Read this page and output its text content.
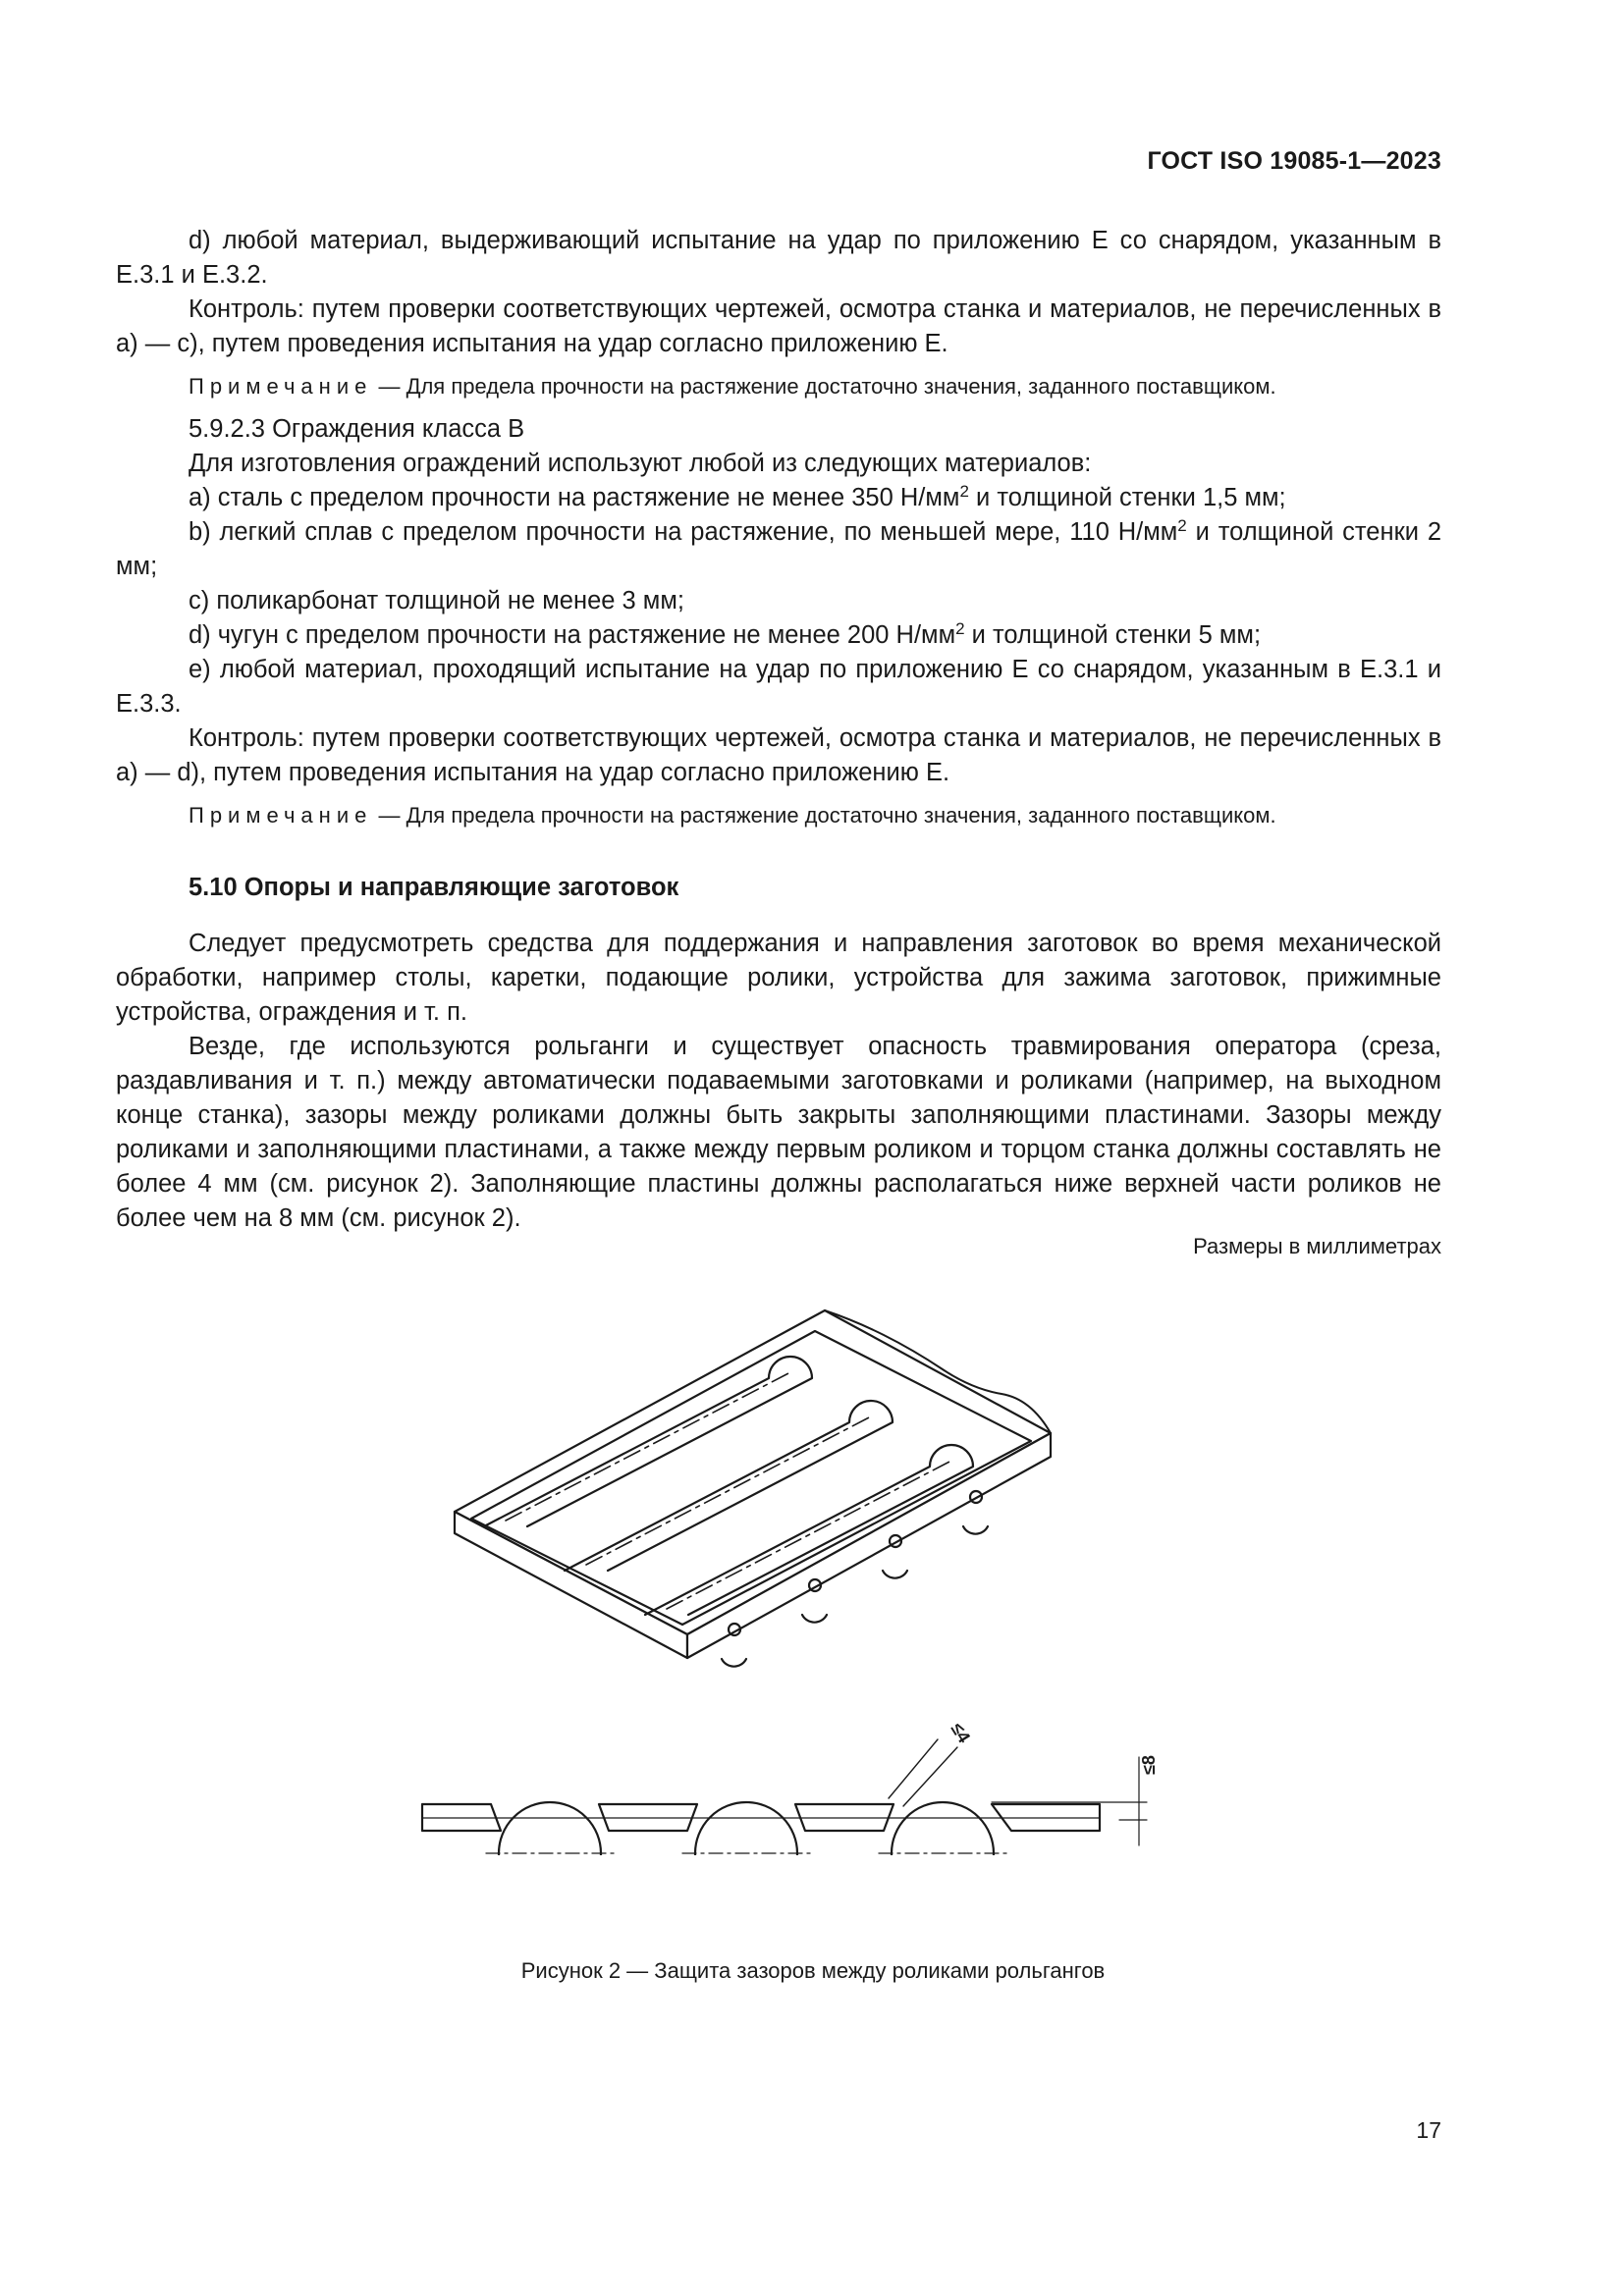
ГОСТ ISO 19085-1—2023

d) любой материал, выдерживающий испытание на удар по приложению Е со снарядом, указанным в Е.3.1 и Е.3.2.

Контроль: путем проверки соответствующих чертежей, осмотра станка и материалов, не перечисленных в а) — с), путем проведения испытания на удар согласно приложению Е.

Примечание — Для предела прочности на растяжение достаточно значения, заданного поставщиком.

5.9.2.3 Ограждения класса В

Для изготовления ограждений используют любой из следующих материалов:

а) сталь с пределом прочности на растяжение не менее 350 $Н/мм^2$ и толщиной стенки 1,5 мм;

b) легкий сплав с пределом прочности на растяжение, по меньшей мере, 110 $Н/мм^2$ и толщиной стенки 2 мм;

с) поликарбонат толщиной не менее 3 мм;

d) чугун с пределом прочности на растяжение не менее 200 $Н/мм^2$ и толщиной стенки 5 мм;

е) любой материал, проходящий испытание на удар по приложению Е со снарядом, указанным в Е.3.1 и Е.3.3.

Контроль: путем проверки соответствующих чертежей, осмотра станка и материалов, не перечисленных в а) — d), путем проведения испытания на удар согласно приложению Е.

Примечание — Для предела прочности на растяжение достаточно значения, заданного поставщиком.

5.10 Опоры и направляющие заготовок

Следует предусмотреть средства для поддержания и направления заготовок во время механической обработки, например столы, каретки, подающие ролики, устройства для зажима заготовок, прижимные устройства, ограждения и т. п.

Везде, где используются рольганги и существует опасность травмирования оператора (среза, раздавливания и т. п.) между автоматически подаваемыми заготовками и роликами (например, на выходном конце станка), зазоры между роликами должны быть закрыты заполняющими пластинами. Зазоры между роликами и заполняющими пластинами, а также между первым роликом и торцом станка должны составлять не более 4 мм (см. рисунок 2). Заполняющие пластины должны располагаться ниже верхней части роликов не более чем на 8 мм (см. рисунок 2).

Размеры в миллиметрах
≤4
≤8
Рисунок 2 — Защита зазоров между роликами рольгангов
17
